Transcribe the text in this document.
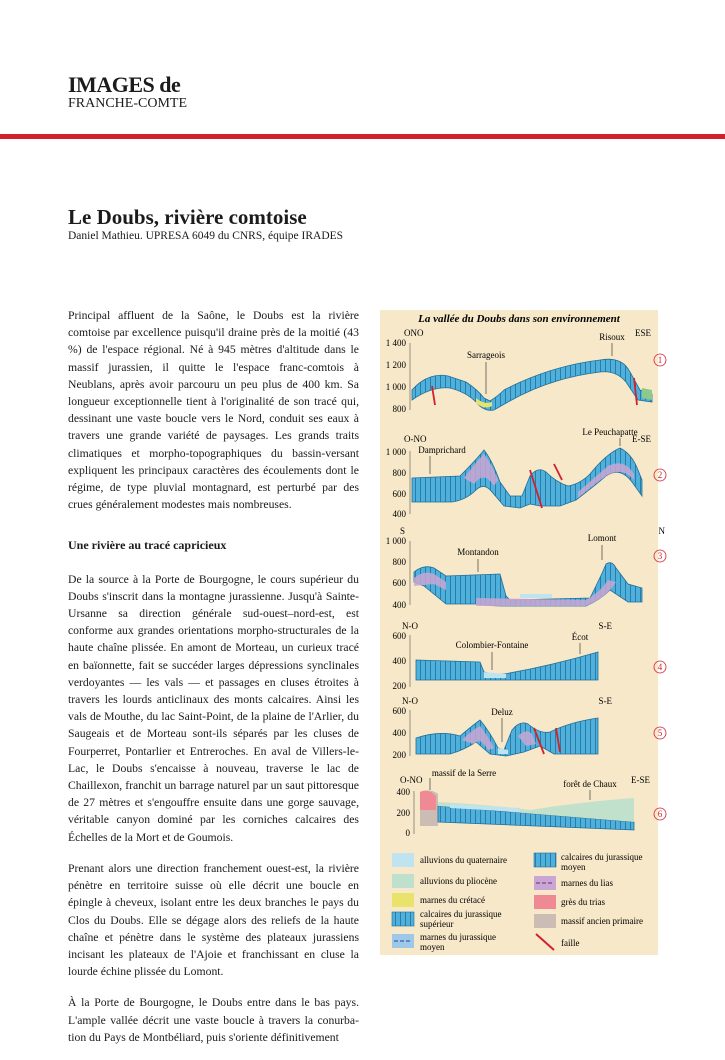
IMAGES de
FRANCHE-COMTE
Le Doubs, rivière comtoise
Daniel Mathieu. UPRESA 6049 du CNRS, équipe IRADES

Principal affluent de la Saône, le Doubs est la rivière comtoise par excellence puisqu'il draine près de la moitié (43 %) de l'espace régional. Né à 945 mètres d'altitude dans le massif jurassien, il quitte le l'espace franc-comtois à Neublans, après avoir parcouru un peu plus de 400 km. Sa longueur exceptionnelle tient à l'originalité de son tracé qui, dessinant une vaste boucle vers le Nord, conduit ses eaux à travers une grande variété de paysages. Les grands traits climatiques et morpho-topographiques du bassin-versant expliquent les principaux caractères des écoulements dont le régime, de type pluvial montagnard, est perturbé par des crues généralement modestes mais nombreuses.

Une rivière au tracé capricieux

De la source à la Porte de Bourgogne, le cours supérieur du Doubs s'inscrit dans la montagne jurassienne. Jusqu'à Sainte-Ursanne sa direction générale sud-ouest–nord-est, est conforme aux grandes orientations morpho-structurales de la haute chaîne plissée. En amont de Morteau, un curieux tracé en baïonnette, fait se succéder larges dépressions synclinales verdoyantes — les vals — et passages en cluses étroites à travers les lourds anticlinaux des monts calcaires. Ainsi les vals de Mouthe, du lac Saint-Point, de la plaine de l'Arlier, du Saugeais et de Morteau sont-ils séparés par les cluses de Fourperret, Pontarlier et Entreroches. En aval de Villers-le-Lac, le Doubs s'encaisse à nouveau, traverse le lac de Chaillexon, franchit un barrage naturel par un saut pittoresque de 27 mètres et s'engouffre ensuite dans une gorge sauvage, véritable canyon dominé par les corniches calcaires des Échelles de la Mort et de Goumois.

Prenant alors une direction franchement ouest-est, la rivière pénètre en territoire suisse où elle décrit une boucle en épingle à cheveux, isolant entre les deux branches le pays du Clos du Doubs. Elle se dégage alors des reliefs de la haute chaîne et pénètre dans le système des plateaux jurassiens incisant les plateaux de l'Ajoie et franchissant en cluse la lourde échine plissée du Lomont.

À la Porte de Bourgogne, le Doubs entre dans le bas pays. L'ample vallée décrit une vaste boucle à travers la conurbation du Pays de Montbéliard, puis s'oriente définitivement

La vallée du Doubs dans son environnement
ONO	ESE
1 400
1 200
1 000
800
Sarrageois
Risoux
1
O-NO	E-SE
1 000
800
600
400
Damprichard
Le Peuchapatte
2
S	N
1 000
800
600
400
Montandon
Lomont
3
N-O	S-E
600
400
200
Colombier-Fontaine
Écot
4
N-O	S-E
600
400
200
Deluz
5
O-NO	E-SE
400
200
0
massif de la Serre
forêt de Chaux
6
alluvions du quaternaire	calcaires du jurassique
moyen
alluvions du pliocène	marnes du lias
marnes du crétacé	grès du trias
calcaires du jurassique
supérieur	massif ancien primaire
marnes du jurassique
moyen	faille
